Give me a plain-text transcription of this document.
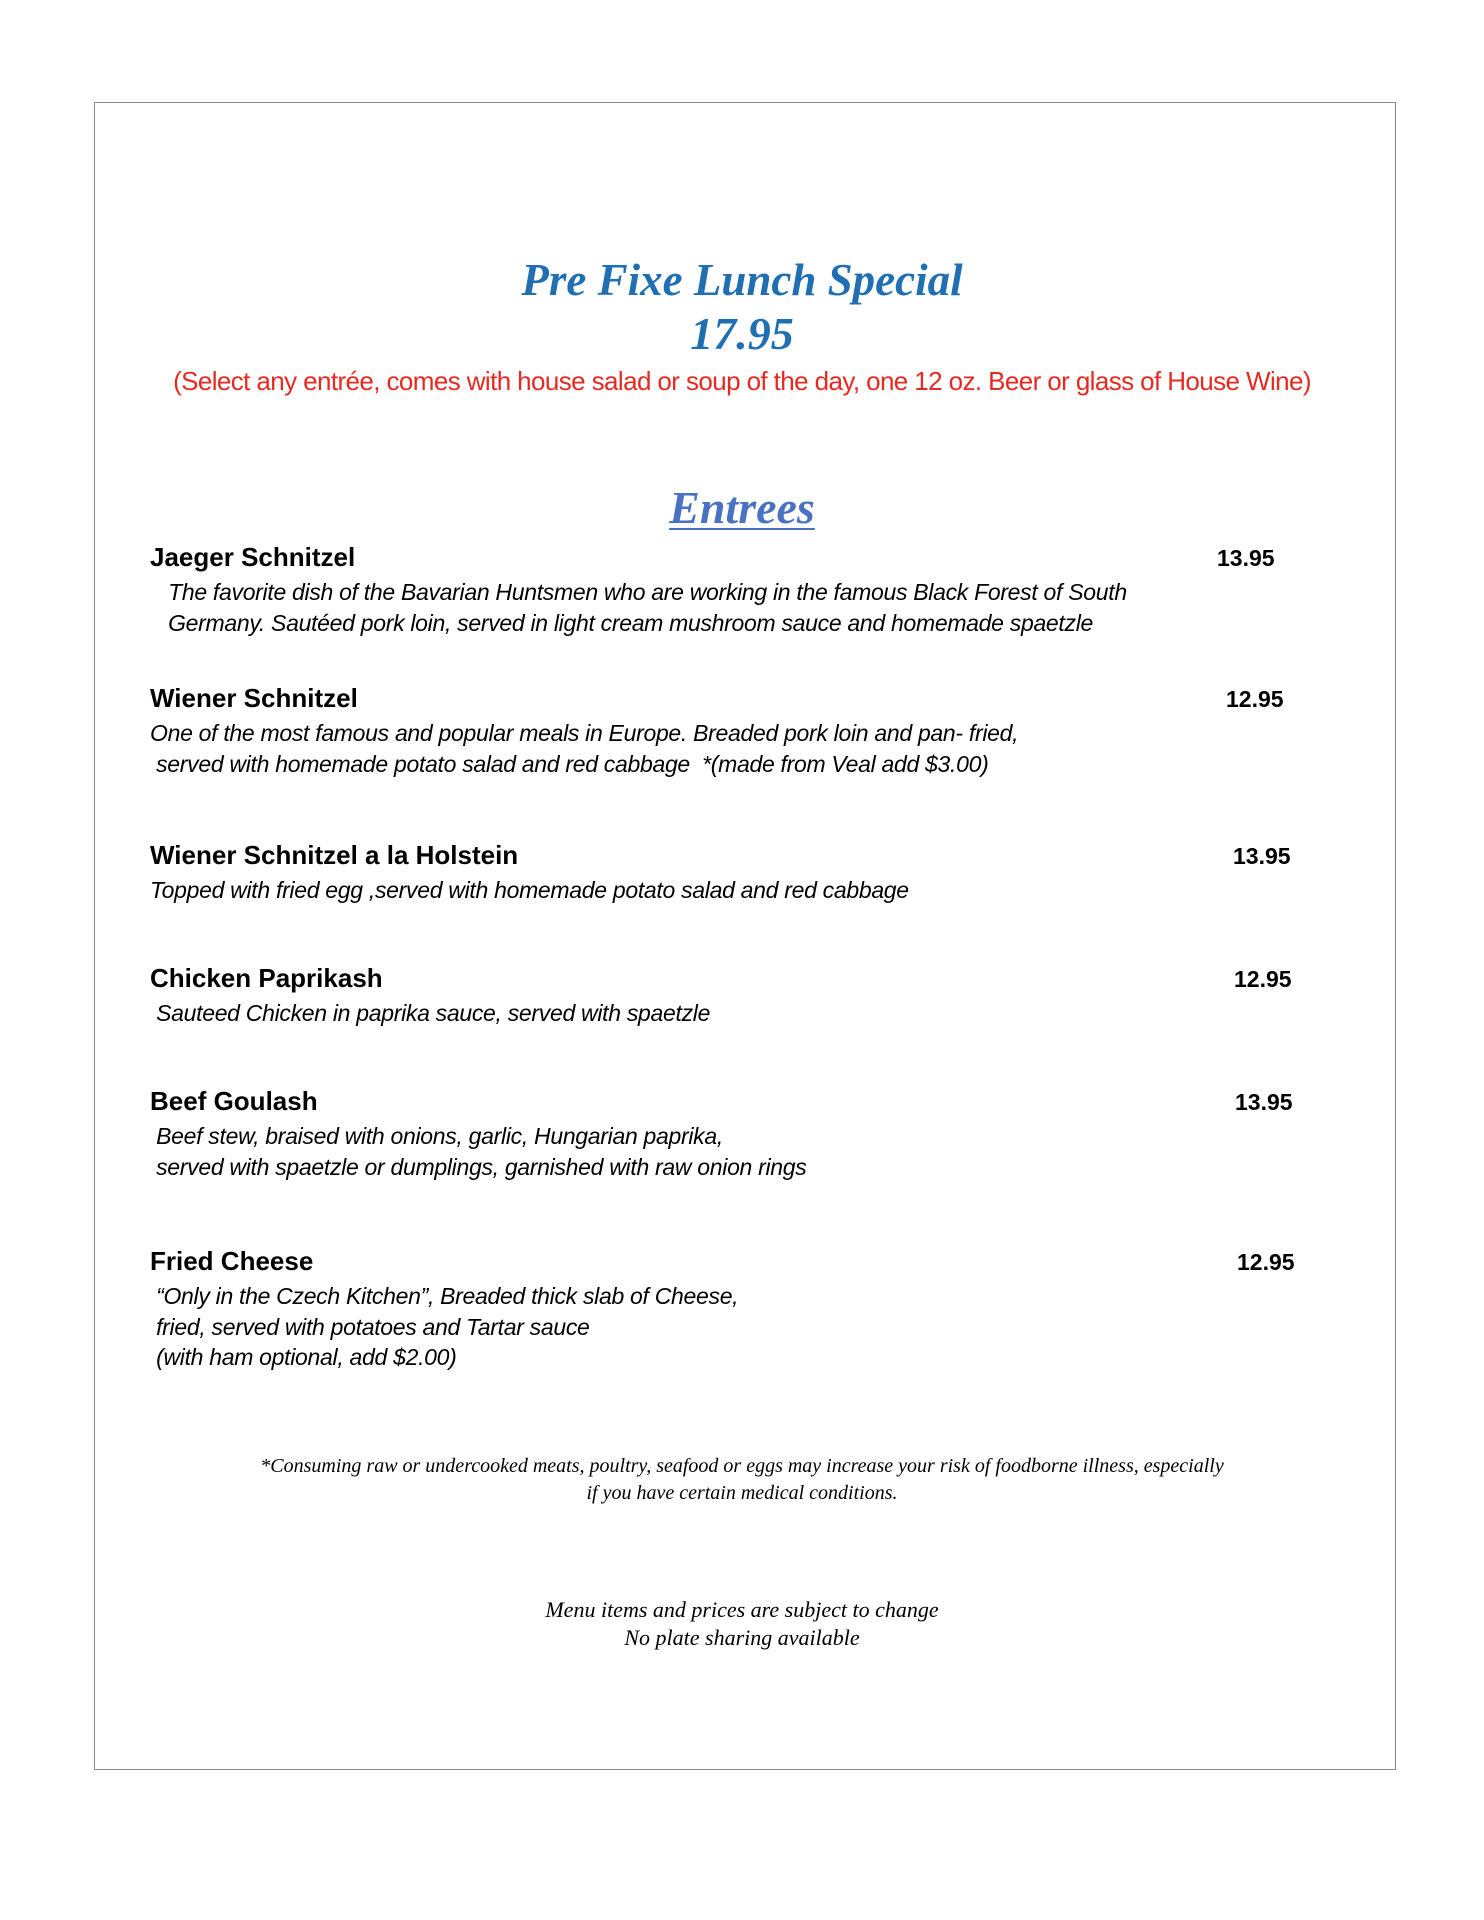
Pre Fixe Lunch Special
17.95
(Select any entrée, comes with house salad or soup of the day, one 12 oz. Beer or glass of House Wine)
Entrees
Jaeger Schnitzel	13.95
The favorite dish of the Bavarian Huntsmen who are working in the famous Black Forest of South
Germany. Sautéed pork loin, served in light cream mushroom sauce and homemade spaetzle
Wiener Schnitzel	12.95
One of the most famous and popular meals in Europe. Breaded pork loin and pan- fried,
served with homemade potato salad and red cabbage  *(made from Veal add $3.00)
Wiener Schnitzel a la Holstein	13.95
Topped with fried egg ,served with homemade potato salad and red cabbage
Chicken Paprikash	12.95
Sauteed Chicken in paprika sauce, served with spaetzle
Beef Goulash	13.95
Beef stew, braised with onions, garlic, Hungarian paprika,
served with spaetzle or dumplings, garnished with raw onion rings
Fried Cheese	12.95
“Only in the Czech Kitchen”, Breaded thick slab of Cheese,
fried, served with potatoes and Tartar sauce
(with ham optional, add $2.00)
*Consuming raw or undercooked meats, poultry, seafood or eggs may increase your risk of foodborne illness, especially
if you have certain medical conditions.
Menu items and prices are subject to change
No plate sharing available
